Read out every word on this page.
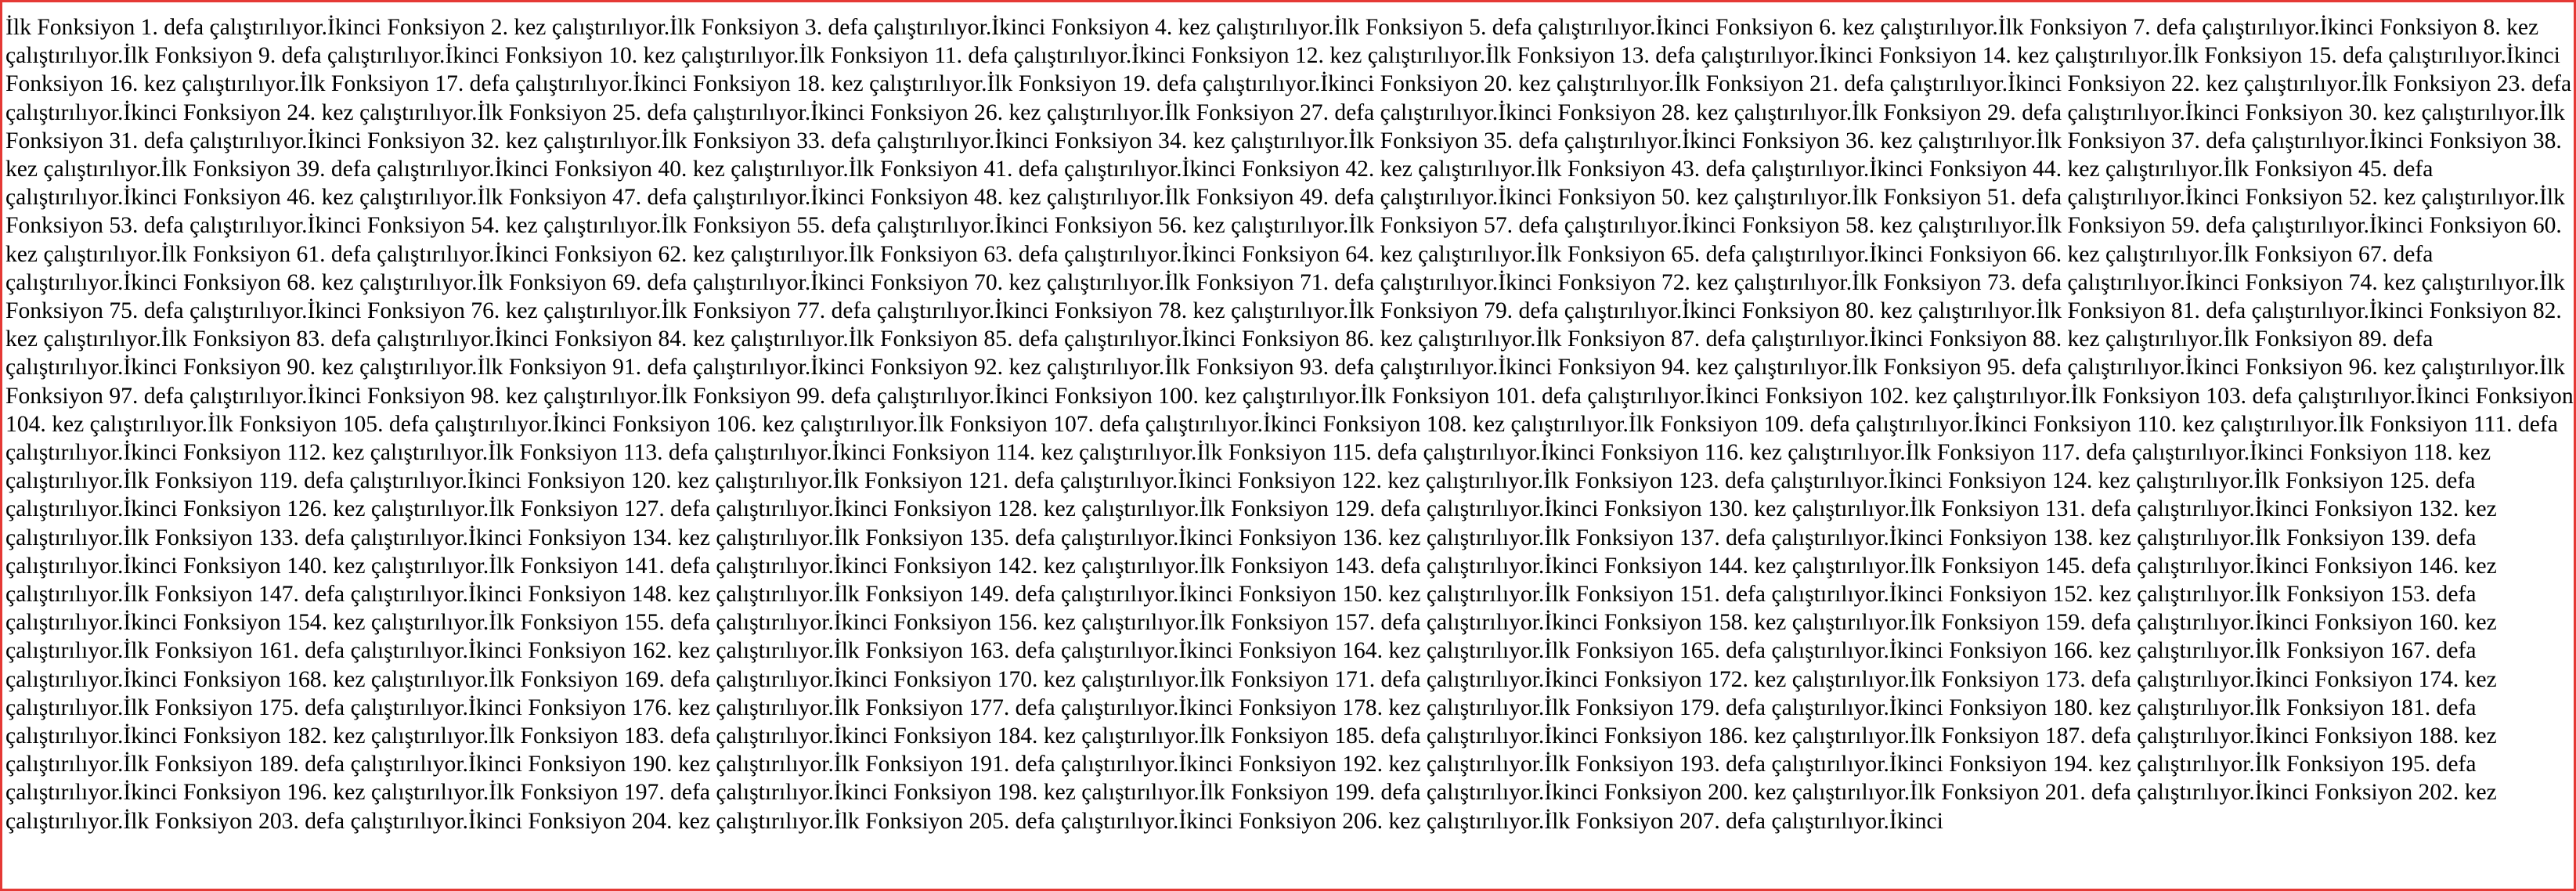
İlk Fonksiyon 1. defa çalıştırılıyor.İkinci Fonksiyon 2. kez çalıştırılıyor.İlk Fonksiyon 3. defa çalıştırılıyor.İkinci Fonksiyon 4. kez çalıştırılıyor.İlk Fonksiyon 5. defa çalıştırılıyor.İkinci Fonksiyon 6. kez çalıştırılıyor.İlk Fonksiyon 7. defa çalıştırılıyor.İkinci Fonksiyon 8. kez çalıştırılıyor.İlk Fonksiyon 9. defa çalıştırılıyor.İkinci Fonksiyon 10. kez çalıştırılıyor.İlk Fonksiyon 11. defa çalıştırılıyor.İkinci Fonksiyon 12. kez çalıştırılıyor.İlk Fonksiyon 13. defa çalıştırılıyor.İkinci Fonksiyon 14. kez çalıştırılıyor.İlk Fonksiyon 15. defa çalıştırılıyor.İkinci Fonksiyon 16. kez çalıştırılıyor.İlk Fonksiyon 17. defa çalıştırılıyor.İkinci Fonksiyon 18. kez çalıştırılıyor.İlk Fonksiyon 19. defa çalıştırılıyor.İkinci Fonksiyon 20. kez çalıştırılıyor.İlk Fonksiyon 21. defa çalıştırılıyor.İkinci Fonksiyon 22. kez çalıştırılıyor.İlk Fonksiyon 23. defa çalıştırılıyor.İkinci Fonksiyon 24. kez çalıştırılıyor.İlk Fonksiyon 25. defa çalıştırılıyor.İkinci Fonksiyon 26. kez çalıştırılıyor.İlk Fonksiyon 27. defa çalıştırılıyor.İkinci Fonksiyon 28. kez çalıştırılıyor.İlk Fonksiyon 29. defa çalıştırılıyor.İkinci Fonksiyon 30. kez çalıştırılıyor.İlk Fonksiyon 31. defa çalıştırılıyor.İkinci Fonksiyon 32. kez çalıştırılıyor.İlk Fonksiyon 33. defa çalıştırılıyor.İkinci Fonksiyon 34. kez çalıştırılıyor.İlk Fonksiyon 35. defa çalıştırılıyor.İkinci Fonksiyon 36. kez çalıştırılıyor.İlk Fonksiyon 37. defa çalıştırılıyor.İkinci Fonksiyon 38. kez çalıştırılıyor.İlk Fonksiyon 39. defa çalıştırılıyor.İkinci Fonksiyon 40. kez çalıştırılıyor.İlk Fonksiyon 41. defa çalıştırılıyor.İkinci Fonksiyon 42. kez çalıştırılıyor.İlk Fonksiyon 43. defa çalıştırılıyor.İkinci Fonksiyon 44. kez çalıştırılıyor.İlk Fonksiyon 45. defa çalıştırılıyor.İkinci Fonksiyon 46. kez çalıştırılıyor.İlk Fonksiyon 47. defa çalıştırılıyor.İkinci Fonksiyon 48. kez çalıştırılıyor.İlk Fonksiyon 49. defa çalıştırılıyor.İkinci Fonksiyon 50. kez çalıştırılıyor.İlk Fonksiyon 51. defa çalıştırılıyor.İkinci Fonksiyon 52. kez çalıştırılıyor.İlk Fonksiyon 53. defa çalıştırılıyor.İkinci Fonksiyon 54. kez çalıştırılıyor.İlk Fonksiyon 55. defa çalıştırılıyor.İkinci Fonksiyon 56. kez çalıştırılıyor.İlk Fonksiyon 57. defa çalıştırılıyor.İkinci Fonksiyon 58. kez çalıştırılıyor.İlk Fonksiyon 59. defa çalıştırılıyor.İkinci Fonksiyon 60. kez çalıştırılıyor.İlk Fonksiyon 61. defa çalıştırılıyor.İkinci Fonksiyon 62. kez çalıştırılıyor.İlk Fonksiyon 63. defa çalıştırılıyor.İkinci Fonksiyon 64. kez çalıştırılıyor.İlk Fonksiyon 65. defa çalıştırılıyor.İkinci Fonksiyon 66. kez çalıştırılıyor.İlk Fonksiyon 67. defa çalıştırılıyor.İkinci Fonksiyon 68. kez çalıştırılıyor.İlk Fonksiyon 69. defa çalıştırılıyor.İkinci Fonksiyon 70. kez çalıştırılıyor.İlk Fonksiyon 71. defa çalıştırılıyor.İkinci Fonksiyon 72. kez çalıştırılıyor.İlk Fonksiyon 73. defa çalıştırılıyor.İkinci Fonksiyon 74. kez çalıştırılıyor.İlk Fonksiyon 75. defa çalıştırılıyor.İkinci Fonksiyon 76. kez çalıştırılıyor.İlk Fonksiyon 77. defa çalıştırılıyor.İkinci Fonksiyon 78. kez çalıştırılıyor.İlk Fonksiyon 79. defa çalıştırılıyor.İkinci Fonksiyon 80. kez çalıştırılıyor.İlk Fonksiyon 81. defa çalıştırılıyor.İkinci Fonksiyon 82. kez çalıştırılıyor.İlk Fonksiyon 83. defa çalıştırılıyor.İkinci Fonksiyon 84. kez çalıştırılıyor.İlk Fonksiyon 85. defa çalıştırılıyor.İkinci Fonksiyon 86. kez çalıştırılıyor.İlk Fonksiyon 87. defa çalıştırılıyor.İkinci Fonksiyon 88. kez çalıştırılıyor.İlk Fonksiyon 89. defa çalıştırılıyor.İkinci Fonksiyon 90. kez çalıştırılıyor.İlk Fonksiyon 91. defa çalıştırılıyor.İkinci Fonksiyon 92. kez çalıştırılıyor.İlk Fonksiyon 93. defa çalıştırılıyor.İkinci Fonksiyon 94. kez çalıştırılıyor.İlk Fonksiyon 95. defa çalıştırılıyor.İkinci Fonksiyon 96. kez çalıştırılıyor.İlk Fonksiyon 97. defa çalıştırılıyor.İkinci Fonksiyon 98. kez çalıştırılıyor.İlk Fonksiyon 99. defa çalıştırılıyor.İkinci Fonksiyon 100. kez çalıştırılıyor.İlk Fonksiyon 101. defa çalıştırılıyor.İkinci Fonksiyon 102. kez çalıştırılıyor.İlk Fonksiyon 103. defa çalıştırılıyor.İkinci Fonksiyon 104. kez çalıştırılıyor.İlk Fonksiyon 105. defa çalıştırılıyor.İkinci Fonksiyon 106. kez çalıştırılıyor.İlk Fonksiyon 107. defa çalıştırılıyor.İkinci Fonksiyon 108. kez çalıştırılıyor.İlk Fonksiyon 109. defa çalıştırılıyor.İkinci Fonksiyon 110. kez çalıştırılıyor.İlk Fonksiyon 111. defa çalıştırılıyor.İkinci Fonksiyon 112. kez çalıştırılıyor.İlk Fonksiyon 113. defa çalıştırılıyor.İkinci Fonksiyon 114. kez çalıştırılıyor.İlk Fonksiyon 115. defa çalıştırılıyor.İkinci Fonksiyon 116. kez çalıştırılıyor.İlk Fonksiyon 117. defa çalıştırılıyor.İkinci Fonksiyon 118. kez çalıştırılıyor.İlk Fonksiyon 119. defa çalıştırılıyor.İkinci Fonksiyon 120. kez çalıştırılıyor.İlk Fonksiyon 121. defa çalıştırılıyor.İkinci Fonksiyon 122. kez çalıştırılıyor.İlk Fonksiyon 123. defa çalıştırılıyor.İkinci Fonksiyon 124. kez çalıştırılıyor.İlk Fonksiyon 125. defa çalıştırılıyor.İkinci Fonksiyon 126. kez çalıştırılıyor.İlk Fonksiyon 127. defa çalıştırılıyor.İkinci Fonksiyon 128. kez çalıştırılıyor.İlk Fonksiyon 129. defa çalıştırılıyor.İkinci Fonksiyon 130. kez çalıştırılıyor.İlk Fonksiyon 131. defa çalıştırılıyor.İkinci Fonksiyon 132. kez çalıştırılıyor.İlk Fonksiyon 133. defa çalıştırılıyor.İkinci Fonksiyon 134. kez çalıştırılıyor.İlk Fonksiyon 135. defa çalıştırılıyor.İkinci Fonksiyon 136. kez çalıştırılıyor.İlk Fonksiyon 137. defa çalıştırılıyor.İkinci Fonksiyon 138. kez çalıştırılıyor.İlk Fonksiyon 139. defa çalıştırılıyor.İkinci Fonksiyon 140. kez çalıştırılıyor.İlk Fonksiyon 141. defa çalıştırılıyor.İkinci Fonksiyon 142. kez çalıştırılıyor.İlk Fonksiyon 143. defa çalıştırılıyor.İkinci Fonksiyon 144. kez çalıştırılıyor.İlk Fonksiyon 145. defa çalıştırılıyor.İkinci Fonksiyon 146. kez çalıştırılıyor.İlk Fonksiyon 147. defa çalıştırılıyor.İkinci Fonksiyon 148. kez çalıştırılıyor.İlk Fonksiyon 149. defa çalıştırılıyor.İkinci Fonksiyon 150. kez çalıştırılıyor.İlk Fonksiyon 151. defa çalıştırılıyor.İkinci Fonksiyon 152. kez çalıştırılıyor.İlk Fonksiyon 153. defa çalıştırılıyor.İkinci Fonksiyon 154. kez çalıştırılıyor.İlk Fonksiyon 155. defa çalıştırılıyor.İkinci Fonksiyon 156. kez çalıştırılıyor.İlk Fonksiyon 157. defa çalıştırılıyor.İkinci Fonksiyon 158. kez çalıştırılıyor.İlk Fonksiyon 159. defa çalıştırılıyor.İkinci Fonksiyon 160. kez çalıştırılıyor.İlk Fonksiyon 161. defa çalıştırılıyor.İkinci Fonksiyon 162. kez çalıştırılıyor.İlk Fonksiyon 163. defa çalıştırılıyor.İkinci Fonksiyon 164. kez çalıştırılıyor.İlk Fonksiyon 165. defa çalıştırılıyor.İkinci Fonksiyon 166. kez çalıştırılıyor.İlk Fonksiyon 167. defa çalıştırılıyor.İkinci Fonksiyon 168. kez çalıştırılıyor.İlk Fonksiyon 169. defa çalıştırılıyor.İkinci Fonksiyon 170. kez çalıştırılıyor.İlk Fonksiyon 171. defa çalıştırılıyor.İkinci Fonksiyon 172. kez çalıştırılıyor.İlk Fonksiyon 173. defa çalıştırılıyor.İkinci Fonksiyon 174. kez çalıştırılıyor.İlk Fonksiyon 175. defa çalıştırılıyor.İkinci Fonksiyon 176. kez çalıştırılıyor.İlk Fonksiyon 177. defa çalıştırılıyor.İkinci Fonksiyon 178. kez çalıştırılıyor.İlk Fonksiyon 179. defa çalıştırılıyor.İkinci Fonksiyon 180. kez çalıştırılıyor.İlk Fonksiyon 181. defa çalıştırılıyor.İkinci Fonksiyon 182. kez çalıştırılıyor.İlk Fonksiyon 183. defa çalıştırılıyor.İkinci Fonksiyon 184. kez çalıştırılıyor.İlk Fonksiyon 185. defa çalıştırılıyor.İkinci Fonksiyon 186. kez çalıştırılıyor.İlk Fonksiyon 187. defa çalıştırılıyor.İkinci Fonksiyon 188. kez çalıştırılıyor.İlk Fonksiyon 189. defa çalıştırılıyor.İkinci Fonksiyon 190. kez çalıştırılıyor.İlk Fonksiyon 191. defa çalıştırılıyor.İkinci Fonksiyon 192. kez çalıştırılıyor.İlk Fonksiyon 193. defa çalıştırılıyor.İkinci Fonksiyon 194. kez çalıştırılıyor.İlk Fonksiyon 195. defa çalıştırılıyor.İkinci Fonksiyon 196. kez çalıştırılıyor.İlk Fonksiyon 197. defa çalıştırılıyor.İkinci Fonksiyon 198. kez çalıştırılıyor.İlk Fonksiyon 199. defa çalıştırılıyor.İkinci Fonksiyon 200. kez çalıştırılıyor.İlk Fonksiyon 201. defa çalıştırılıyor.İkinci Fonksiyon 202. kez çalıştırılıyor.İlk Fonksiyon 203. defa çalıştırılıyor.İkinci Fonksiyon 204. kez çalıştırılıyor.İlk Fonksiyon 205. defa çalıştırılıyor.İkinci Fonksiyon 206. kez çalıştırılıyor.İlk Fonksiyon 207. defa çalıştırılıyor.İkinci
